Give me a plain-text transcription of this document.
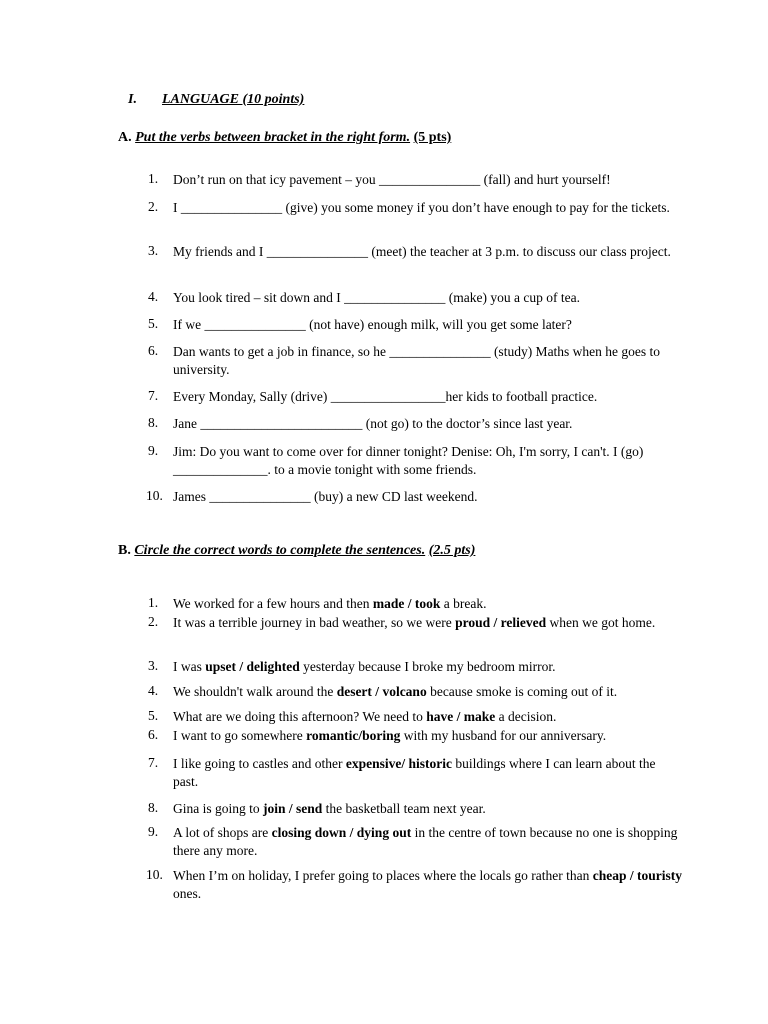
I. LANGUAGE (10 points)
A. Put the verbs between bracket in the right form. (5 pts)
1.	Don’t run on that icy pavement – you _______________ (fall) and hurt yourself!
2.	I _______________ (give) you some money if you don’t have enough to pay for the tickets.
3.	My friends and I _______________ (meet) the teacher at 3 p.m. to discuss our class project.
4.	You look tired – sit down and I _______________ (make) you a cup of tea.
5.	If we _______________ (not have) enough milk, will you get some later?
6.	Dan wants to get a job in finance, so he _______________ (study) Maths when he goes to university.
7.	Every Monday, Sally (drive) _________________her kids to football practice.
8.	Jane ________________________ (not go) to the doctor’s since last year.
9.	Jim: Do you want to come over for dinner tonight? Denise: Oh, I'm sorry, I can't. I (go) ______________. to a movie tonight with some friends.
10. James _______________ (buy) a new CD last weekend.
B. Circle the correct words to complete the sentences. (2.5 pts)
1.	We worked for a few hours and then made / took a break.
2.	It was a terrible journey in bad weather, so we were proud / relieved when we got home.
3.	I was upset / delighted yesterday because I broke my bedroom mirror.
4.	We shouldn't walk around the desert / volcano because smoke is coming out of it.
5.	What are we doing this afternoon? We need to have / make a decision.
6.	I want to go somewhere romantic/boring with my husband for our anniversary.
7.	I like going to castles and other expensive/ historic buildings where I can learn about the past.
8.	Gina is going to join / send the basketball team next year.
9.	A lot of shops are closing down / dying out in the centre of town because no one is shopping there any more.
10. When I’m on holiday, I prefer going to places where the locals go rather than cheap / touristy ones.
